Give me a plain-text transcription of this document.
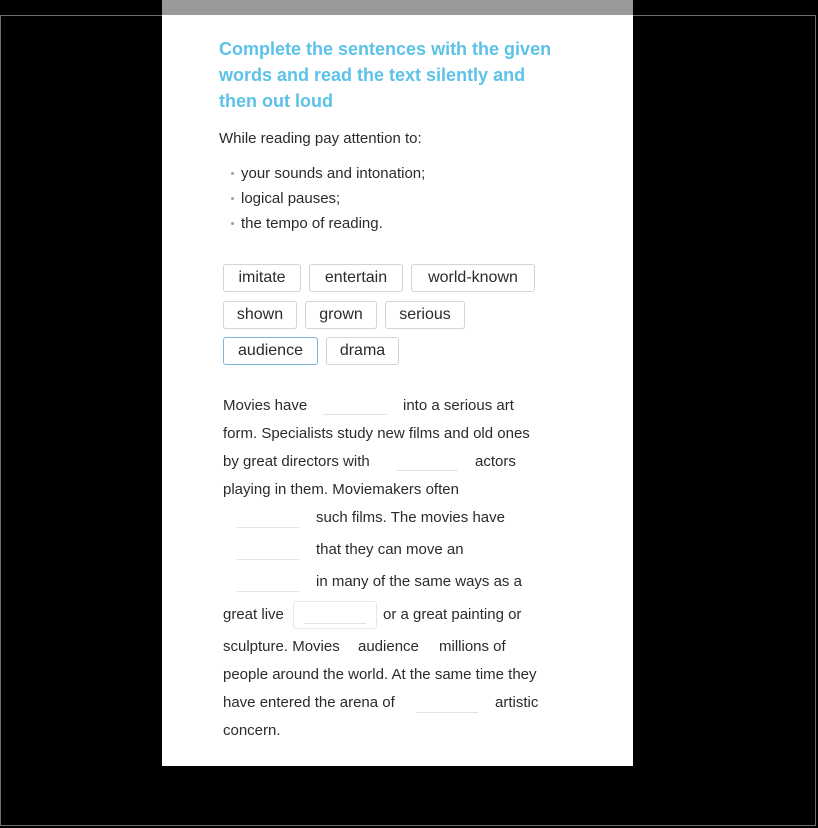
Complete the sentences with the given words and read the text silently and then out loud
While reading pay attention to:
your sounds and intonation;
logical pauses;
the tempo of reading.
imitate	entertain	world-known
shown	grown	serious
audience	drama
Movies have	into a serious art
form. Specialists study new films and old ones
by great directors with	actors
playing in them. Moviemakers often
such films. The movies have
that they can move an
in many of the same ways as a
great live	or a great painting or
sculpture. Movies audience millions of
people around the world. At the same time they
have entered the arena of	artistic
concern.
